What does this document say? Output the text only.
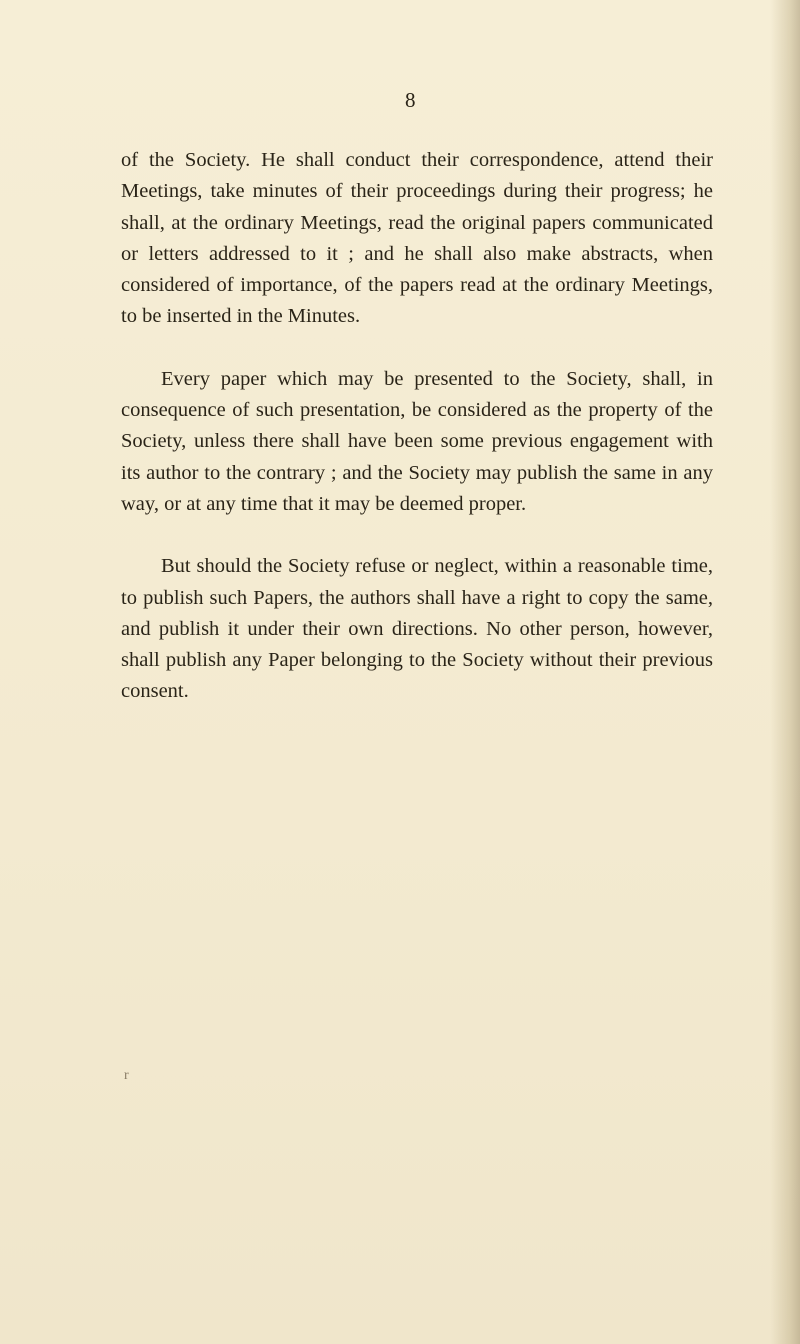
8

of the Society. He shall conduct their correspondence, attend their Meetings, take minutes of their proceedings during their progress; he shall, at the ordinary Meetings, read the original papers communicated or letters addressed to it ; and he shall also make abstracts, when considered of importance, of the papers read at the ordinary Meetings, to be inserted in the Minutes.

Every paper which may be presented to the Society, shall, in consequence of such presentation, be considered as the property of the Society, unless there shall have been some previous engagement with its author to the contrary ; and the Society may publish the same in any way, or at any time that it may be deemed proper.

But should the Society refuse or neglect, within a reasonable time, to publish such Papers, the authors shall have a right to copy the same, and publish it under their own directions. No other person, however, shall publish any Paper belonging to the Society without their previous consent.

r
